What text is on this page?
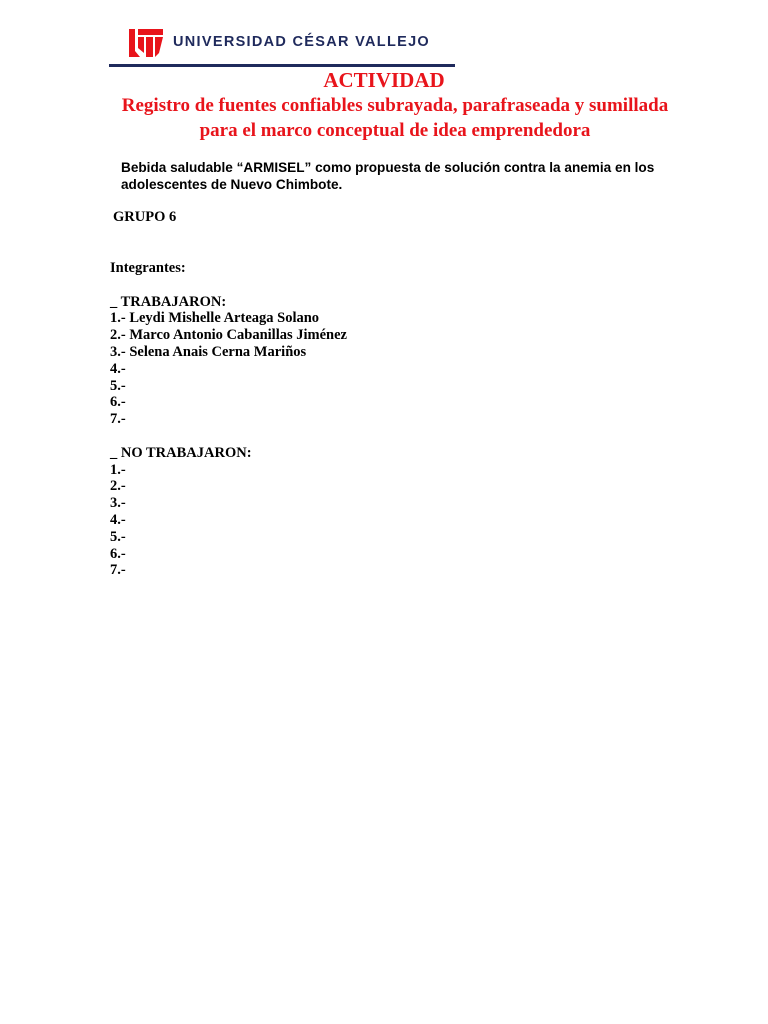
UNIVERSIDAD CÉSAR VALLEJO
ACTIVIDAD

Registro de fuentes confiables subrayada, parafraseada y sumillada para el marco conceptual de idea emprendedora

Bebida saludable “ARMISEL” como propuesta de solución contra la anemia en los
adolescentes de Nuevo Chimbote.

GRUPO 6

Integrantes:
_ TRABAJARON:
1.- Leydi Mishelle Arteaga Solano
2.- Marco Antonio Cabanillas Jiménez
3.- Selena Anais Cerna Mariños
4.-
5.-
6.-
7.-
_ NO TRABAJARON:
1.-
2.-
3.-
4.-
5.-
6.-
7.-
